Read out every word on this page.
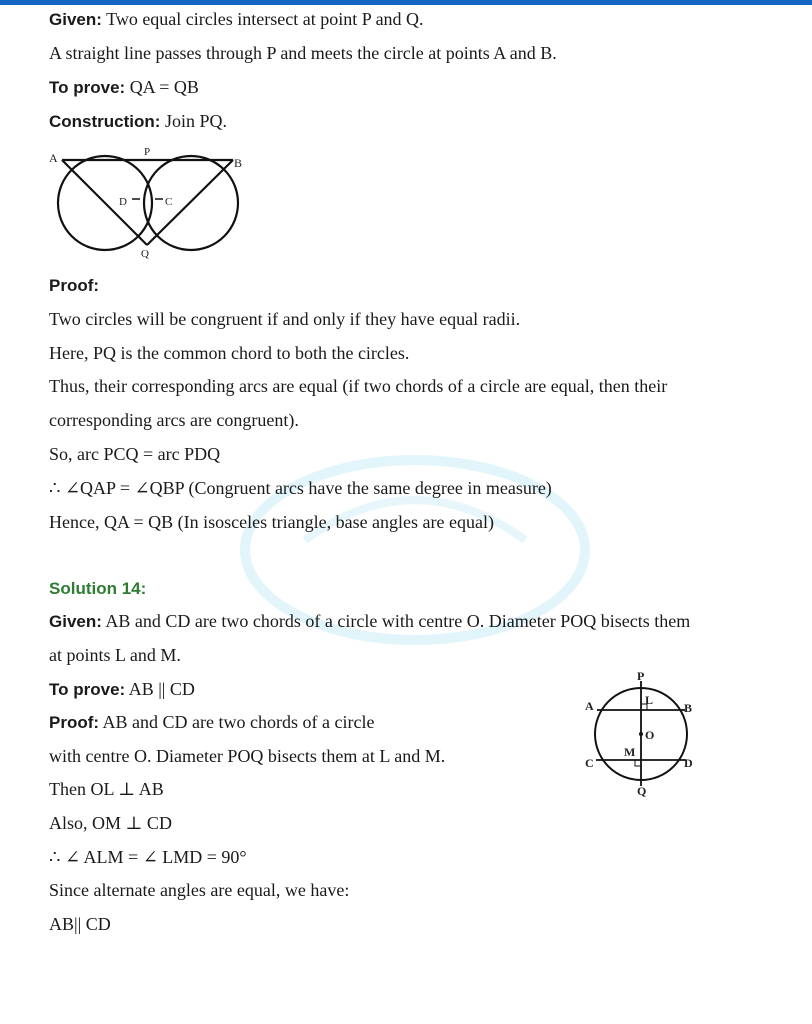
Given: Two equal circles intersect at point P and Q.
A straight line passes through P and meets the circle at points A and B.
To prove: QA = QB
Construction: Join PQ.
A	P
B
D	C
Q
Proof:
Two circles will be congruent if and only if they have equal radii.
Here, PQ is the common chord to both the circles.
Thus, their corresponding arcs are equal (if two chords of a circle are equal, then their
corresponding arcs are congruent).
So, arc PCQ = arc PDQ
∴ ∠QAP = ∠QBP (Congruent arcs have the same degree in measure)
Hence, QA = QB (In isosceles triangle, base angles are equal)
Solution 14:
Given: AB and CD are two chords of a circle with centre O. Diameter POQ bisects them
at points L and M.
To prove: AB || CD
Proof: AB and CD are two chords of a circle
with centre O. Diameter POQ bisects them at L and M.
Then OL ⊥ AB
Also, OM ⊥ CD
∴ ∠ ALM = ∠ LMD = 90°
Since alternate angles are equal, we have:
AB|| CD
P
A	L
B
O
M
C	D
Q
